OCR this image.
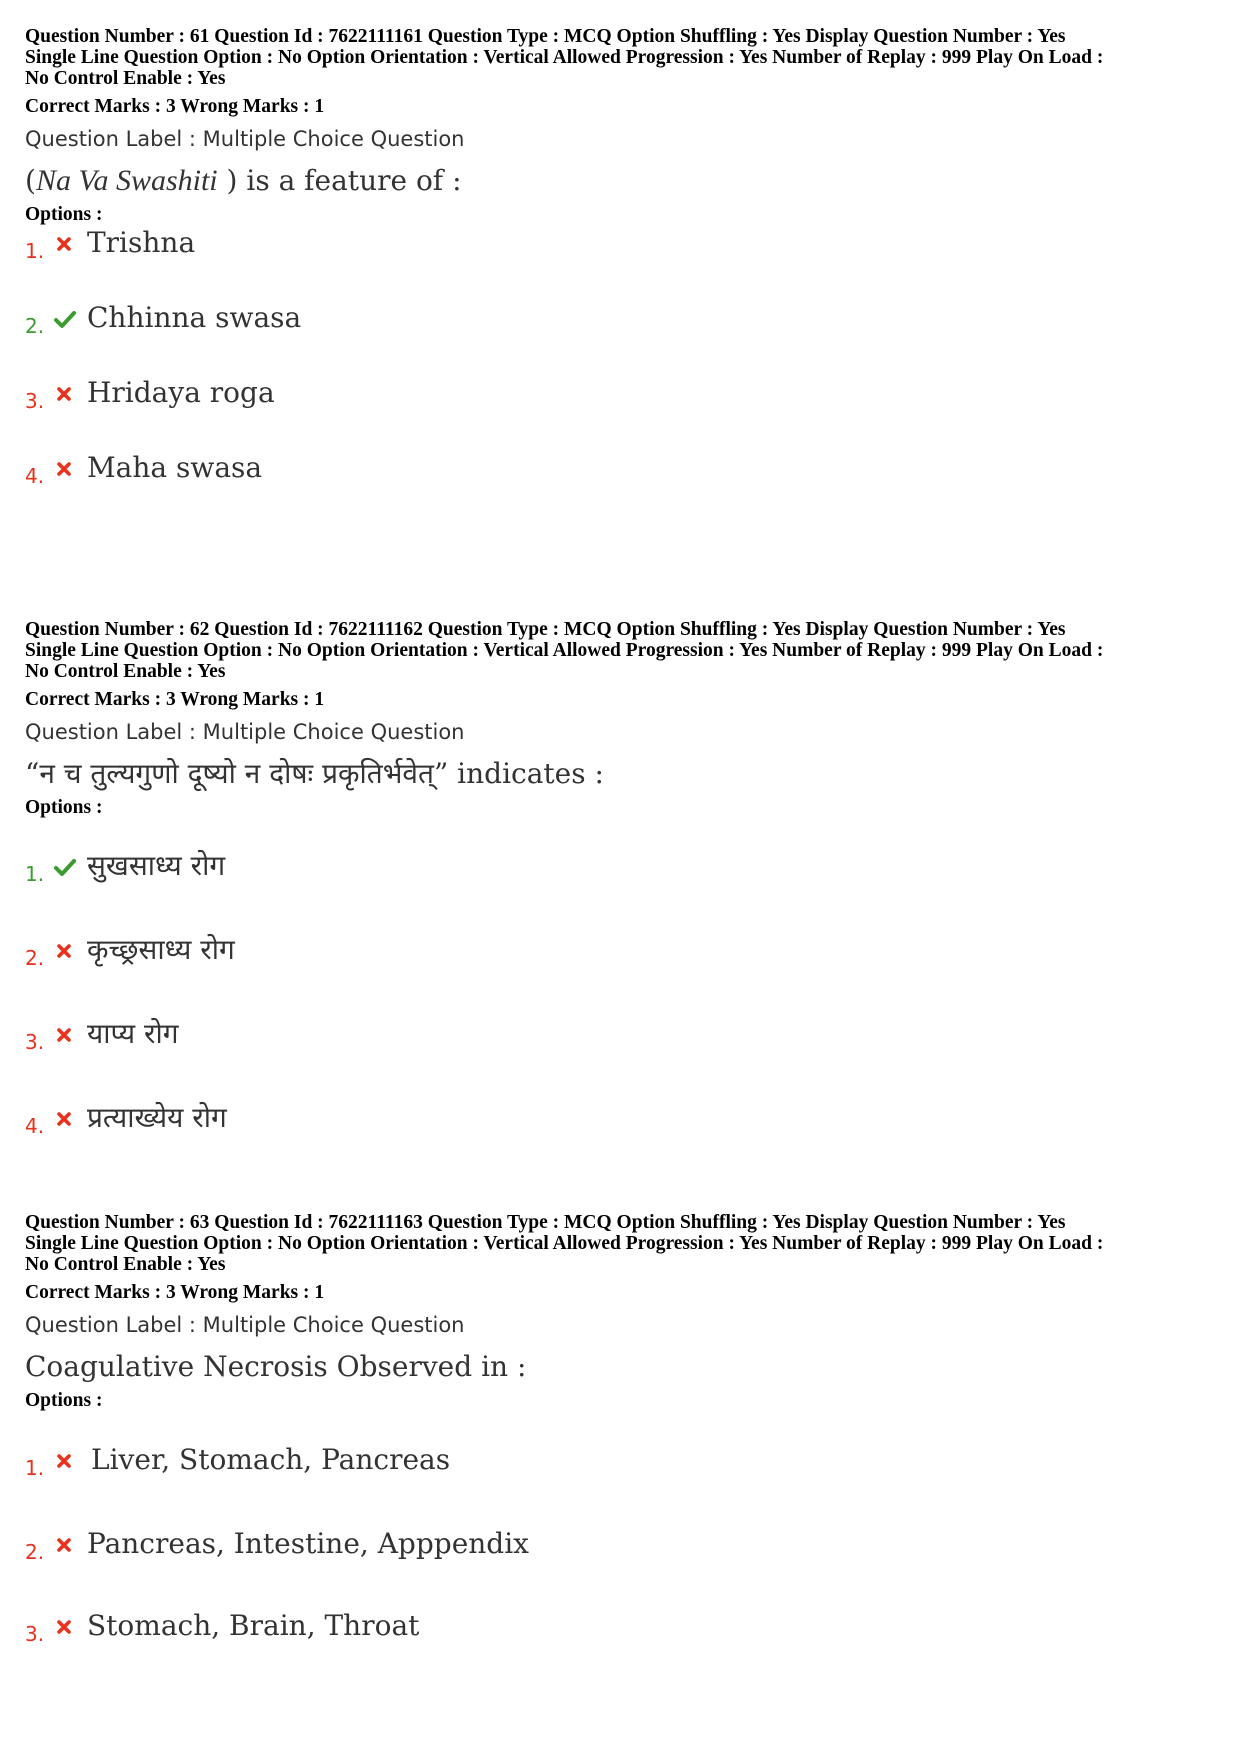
Question Number : 61 Question Id : 7622111161 Question Type : MCQ Option Shuffling : Yes Display Question Number : Yes
Single Line Question Option : No Option Orientation : Vertical Allowed Progression : Yes Number of Replay : 999 Play On Load :
No Control Enable : Yes
Correct Marks : 3 Wrong Marks : 1
Question Label : Multiple Choice Question
(Na Va Swashiti ) is a feature of :
Options :
1. Trishna
2. Chhinna swasa
3. Hridaya roga
4. Maha swasa
Question Number : 62 Question Id : 7622111162 Question Type : MCQ Option Shuffling : Yes Display Question Number : Yes
Single Line Question Option : No Option Orientation : Vertical Allowed Progression : Yes Number of Replay : 999 Play On Load :
No Control Enable : Yes
Correct Marks : 3 Wrong Marks : 1
Question Label : Multiple Choice Question
“न च तुल्यगुणो दूष्यो न दोषः प्रकृतिर्भवेत्” indicates :
Options :
1. सुखसाध्य रोग
2. कृच्छ्रसाध्य रोग
3. याप्य रोग
4. प्रत्याख्येय रोग
Question Number : 63 Question Id : 7622111163 Question Type : MCQ Option Shuffling : Yes Display Question Number : Yes
Single Line Question Option : No Option Orientation : Vertical Allowed Progression : Yes Number of Replay : 999 Play On Load :
No Control Enable : Yes
Correct Marks : 3 Wrong Marks : 1
Question Label : Multiple Choice Question
Coagulative Necrosis Observed in :
Options :
1. Liver, Stomach, Pancreas
2. Pancreas, Intestine, Apppendix
3. Stomach, Brain, Throat
